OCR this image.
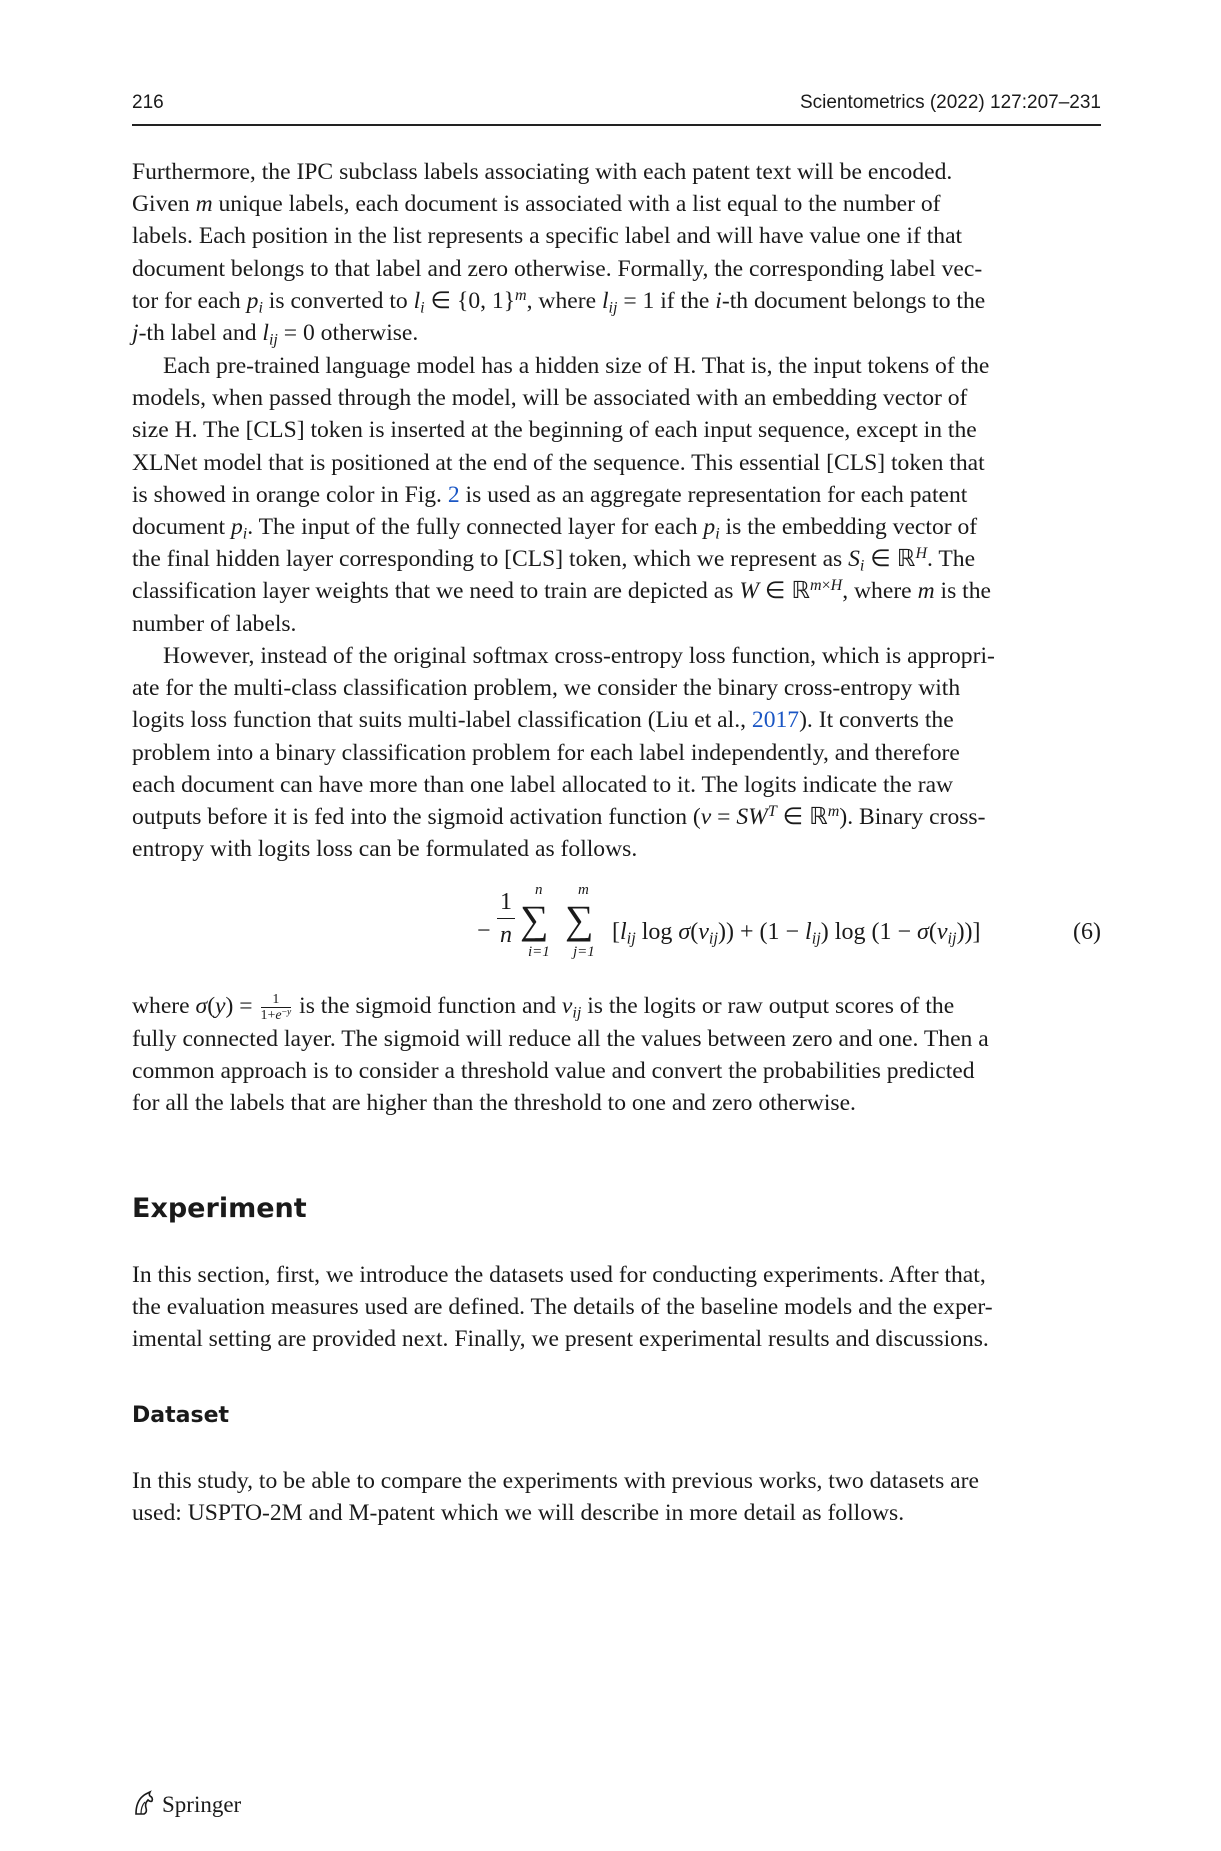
216	Scientometrics (2022) 127:207–231

Furthermore, the IPC subclass labels associating with each patent text will be encoded.

Given m unique labels, each document is associated with a list equal to the number of

labels. Each position in the list represents a specific label and will have value one if that

document belongs to that label and zero otherwise. Formally, the corresponding label vec-

tor for each $p_i$ is converted to $l_i$ ∈ {0, 1}$^m$, where $l_{ij} = 1$ if the i-th document belongs to the

j-th label and $l_{ij} = 0$ otherwise.

Each pre-trained language model has a hidden size of H. That is, the input tokens of the

models, when passed through the model, will be associated with an embedding vector of

size H. The [CLS] token is inserted at the beginning of each input sequence, except in the

XLNet model that is positioned at the end of the sequence. This essential [CLS] token that

is showed in orange color in Fig. 2 is used as an aggregate representation for each patent

document $p_i$. The input of the fully connected layer for each $p_i$ is the embedding vector of

the final hidden layer corresponding to [CLS] token, which we represent as $S_i$ ∈ ℝ$^H$. The

classification layer weights that we need to train are depicted as W ∈ ℝ$^{m\times H}$, where m is the

number of labels.

However, instead of the original softmax cross-entropy loss function, which is appropri-

ate for the multi-class classification problem, we consider the binary cross-entropy with

logits loss function that suits multi-label classification (Liu et al., 2017). It converts the

problem into a binary classification problem for each label independently, and therefore

each document can have more than one label allocated to it. The logits indicate the raw

outputs before it is fed into the sigmoid activation function ($v = SW^T$ ∈ ℝ$^m$). Binary cross-

entropy with logits loss can be formulated as follows.

−
1
n
n
∑
i=1
m
∑
j=1
[$l_{ij}$ $\log \sigma(v_{ij})) + (1 - l_{ij})$ $\log (1 - \sigma(v_{ij}))$]	(6)

where $\sigma(y) = \frac{1}{1+e^{-y}}$ is the sigmoid function and $v_{ij}$ is the logits or raw output scores of the

fully connected layer. The sigmoid will reduce all the values between zero and one. Then a

common approach is to consider a threshold value and convert the probabilities predicted

for all the labels that are higher than the threshold to one and zero otherwise.

Experiment

In this section, first, we introduce the datasets used for conducting experiments. After that,

the evaluation measures used are defined. The details of the baseline models and the exper-

imental setting are provided next. Finally, we present experimental results and discussions.

Dataset

In this study, to be able to compare the experiments with previous works, two datasets are

used: USPTO-2M and M-patent which we will describe in more detail as follows.

Springer
